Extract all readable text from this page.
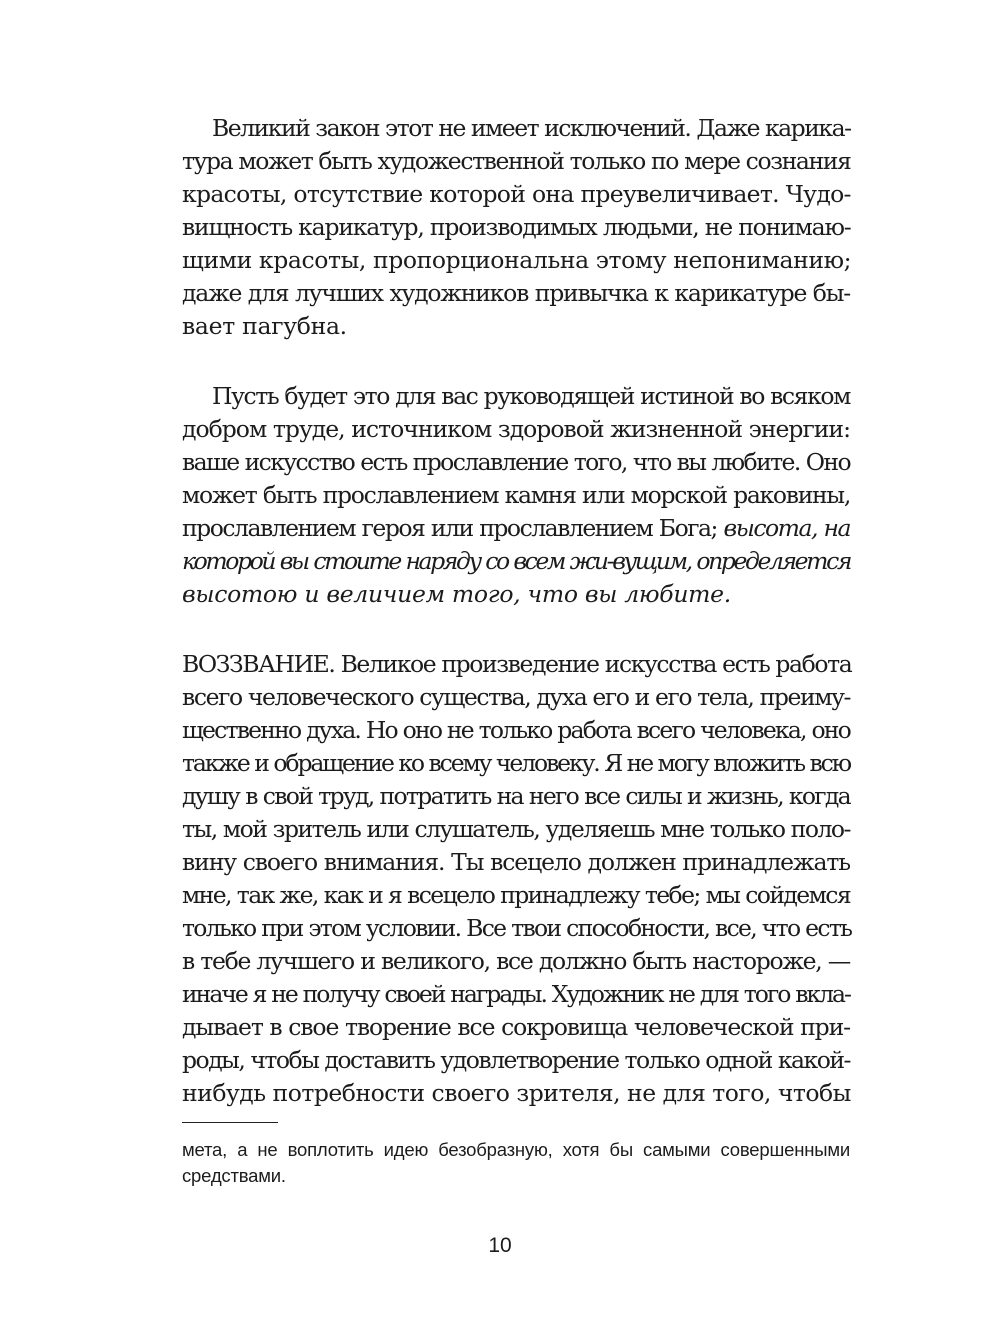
Великий закон этот не имеет исключений. Даже карика-
тура может быть художественной только по мере сознания
красоты, отсутствие которой она преувеличивает. Чудо-
вищность карикатур, производимых людьми, не понимаю-
щими красоты, пропорциональна этому непониманию;
даже для лучших художников привычка к карикатуре бы-
вает пагубна.
Пусть будет это для вас руководящей истиной во всяком
добром труде, источником здоровой жизненной энергии:
ваше искусство есть прославление того, что вы любите. Оно
может быть прославлением камня или морской раковины,
прославлением героя или прославлением Бога; высота, на
которой вы стоите наряду со всем жи-вущим, определяется
высотою и величием того, что вы любите.
ВОЗЗВАНИЕ. Великое произведение искусства есть работа
всего человеческого существа, духа его и его тела, преиму-
щественно духа. Но оно не только работа всего человека, оно
также и обращение ко всему человеку. Я не могу вложить всю
душу в свой труд, потратить на него все силы и жизнь, когда
ты, мой зритель или слушатель, уделяешь мне только поло-
вину своего внимания. Ты всецело должен принадлежать
мне, так же, как и я всецело принадлежу тебе; мы сойдемся
только при этом условии. Все твои способности, все, что есть
в тебе лучшего и великого, все должно быть настороже, —
иначе я не получу своей награды. Художник не для того вкла-
дывает в свое творение все сокровища человеческой при-
роды, чтобы доставить удовлетворение только одной какой-
нибудь потребности своего зрителя, не для того, чтобы
мета, а не воплотить идею безобразную, хотя бы самыми совершенными
средствами.
10
